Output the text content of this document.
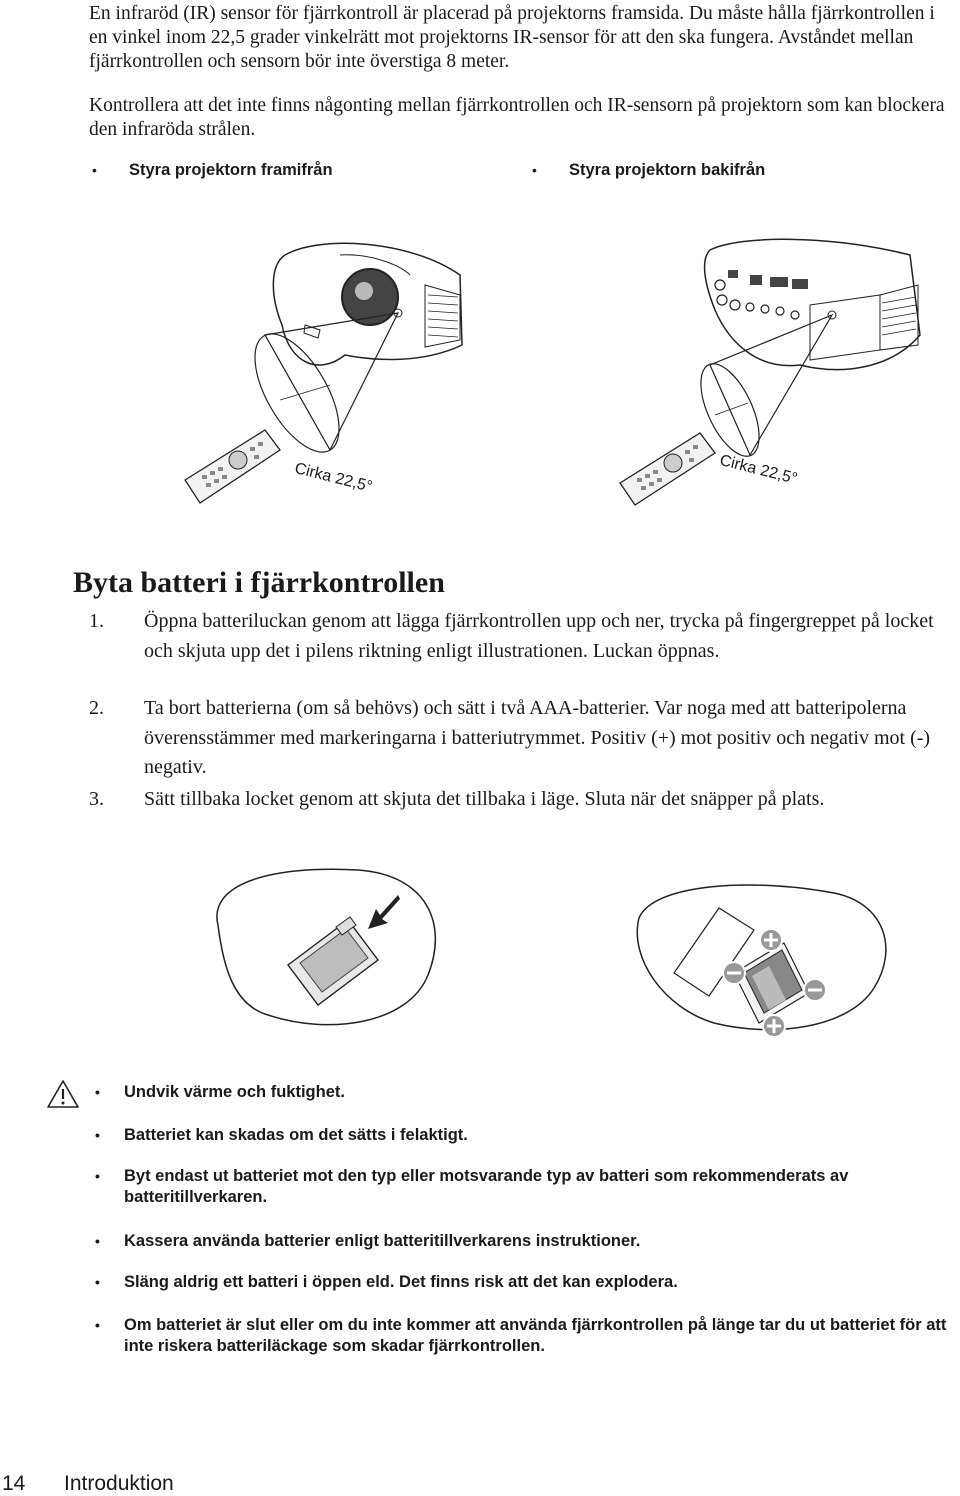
En infraröd (IR) sensor för fjärrkontroll är placerad på projektorns framsida. Du måste hålla fjärrkontrollen i en vinkel inom 22,5 grader vinkelrätt mot projektorns IR-sensor för att den ska fungera. Avståndet mellan fjärrkontrollen och sensorn bör inte överstiga 8 meter.
Kontrollera att det inte finns någonting mellan fjärrkontrollen och IR-sensorn på projektorn som kan blockera den infraröda strålen.
• Styra projektorn framifrån	• Styra projektorn bakifrån
Cirka 22,5°	Cirka 22,5°
Byta batteri i fjärrkontrollen
1. Öppna batteriluckan genom att lägga fjärrkontrollen upp och ner, trycka på fingergreppet på locket och skjuta upp det i pilens riktning enligt illustrationen. Luckan öppnas.
2. Ta bort batterierna (om så behövs) och sätt i två AAA-batterier. Var noga med att batteripolerna överensstämmer med markeringarna i batteriutrymmet. Positiv (+) mot positiv och negativ mot (-) negativ.
3. Sätt tillbaka locket genom att skjuta det tillbaka i läge. Sluta när det snäpper på plats.
• Undvik värme och fuktighet.
• Batteriet kan skadas om det sätts i felaktigt.
• Byt endast ut batteriet mot den typ eller motsvarande typ av batteri som rekommenderats av batteritillverkaren.
• Kassera använda batterier enligt batteritillverkarens instruktioner.
• Släng aldrig ett batteri i öppen eld. Det finns risk att det kan explodera.
• Om batteriet är slut eller om du inte kommer att använda fjärrkontrollen på länge tar du ut batteriet för att inte riskera batteriläckage som skadar fjärrkontrollen.
14 Introduktion
